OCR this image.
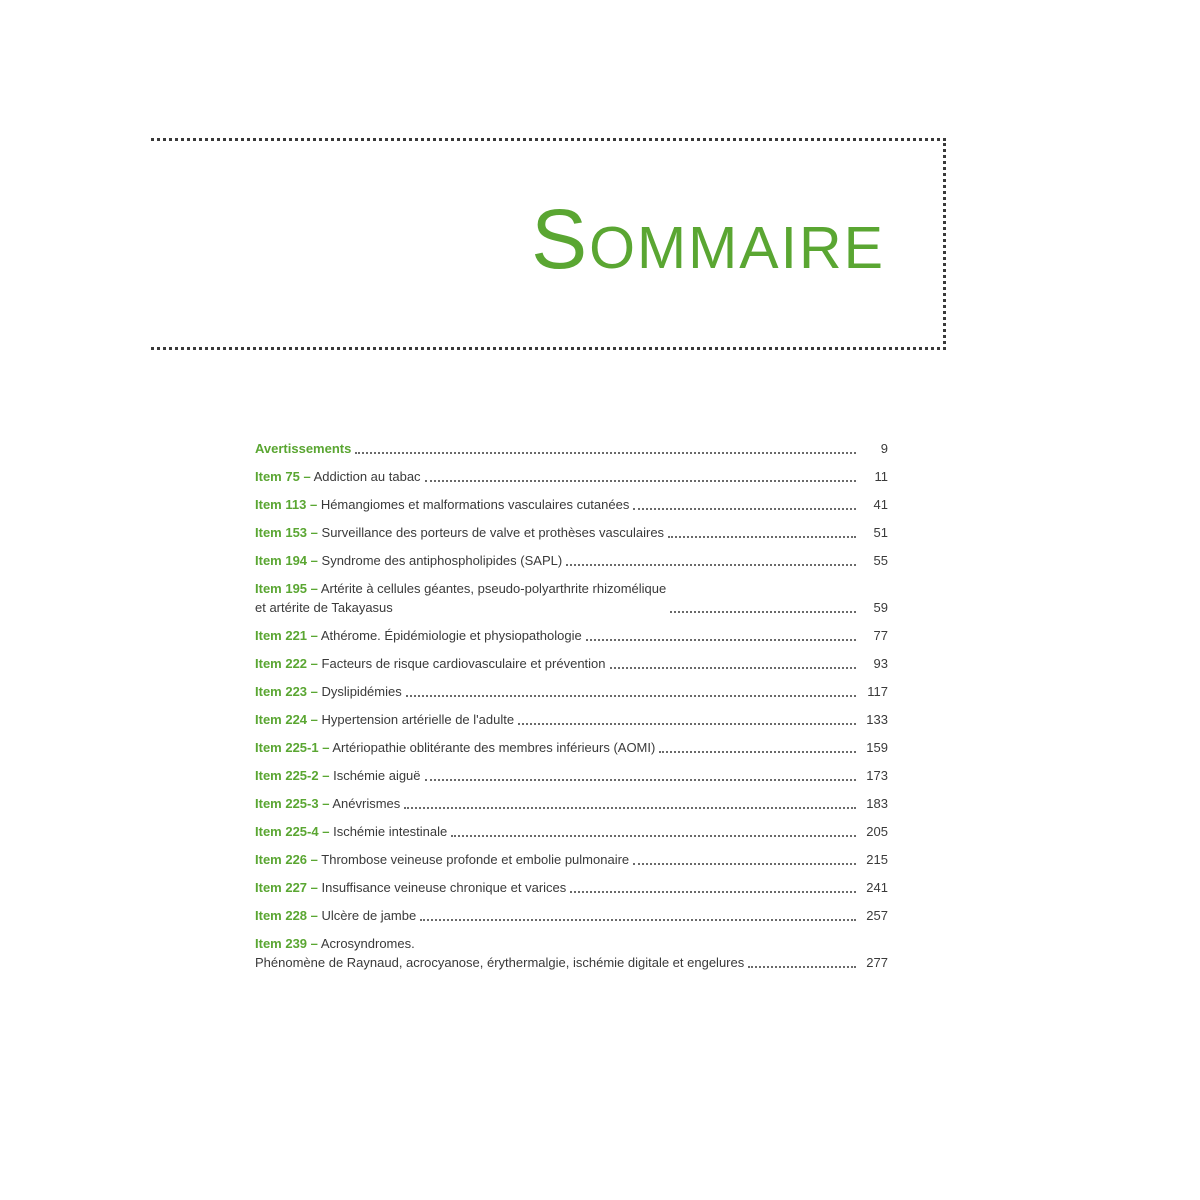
Sommaire
Avertissements	9
Item 75 – Addiction au tabac	11
Item 113 – Hémangiomes et malformations vasculaires cutanées	41
Item 153 – Surveillance des porteurs de valve et prothèses vasculaires	51
Item 194 – Syndrome des antiphospholipides (SAPL)	55
Item 195 – Artérite à cellules géantes, pseudo-polyarthrite rhizomélique
et artérite de Takayasus	59
Item 221 – Athérome. Épidémiologie et physiopathologie	77
Item 222 – Facteurs de risque cardiovasculaire et prévention	93
Item 223 – Dyslipidémies	117
Item 224 – Hypertension artérielle de l'adulte	133
Item 225-1 – Artériopathie oblitérante des membres inférieurs (AOMI)	159
Item 225-2 – Ischémie aiguë	173
Item 225-3 – Anévrismes	183
Item 225-4 – Ischémie intestinale	205
Item 226 – Thrombose veineuse profonde et embolie pulmonaire	215
Item 227 – Insuffisance veineuse chronique et varices	241
Item 228 – Ulcère de jambe	257
Item 239 – Acrosyndromes.
Phénomène de Raynaud, acrocyanose, érythermalgie, ischémie digitale et engelures	277
